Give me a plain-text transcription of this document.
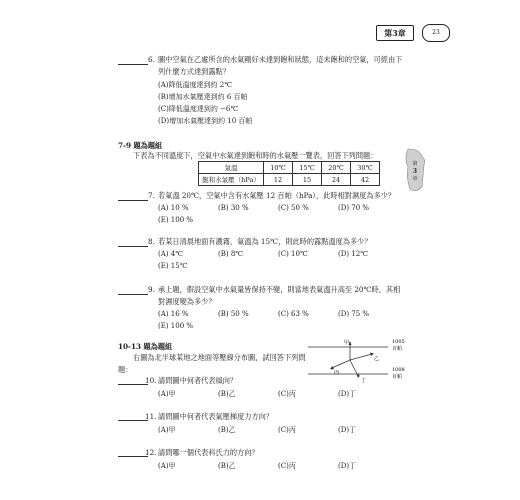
第3章	23
第
3
章
6. 圖中空氣在乙處所含的水氣剛好未達到飽和狀態，這未飽和的空氣，可經由下
列什麼方式達到露點？
(A)降低溫度達到約 2℃
(B)增加水氣壓達到約 6 百帕
(C)降低溫度達到約 −6℃
(D)增加水氣壓達到約 10 百帕
7-9 題為題組
下表為不同溫度下，空氣中水氣達到飽和時的水氣壓一覽表，回答下列問題：
氣溫	10℃	15℃	20℃	30℃
飽和水氣壓（hPa）	12	15	24	42
7. 若氣溫 20℃，空氣中含有水氣壓 12 百帕（hPa），此時相對濕度為多少？
(A) 10 %	(B) 30 %	(C) 50 %	(D) 70 %
(E) 100 %
8. 若某日清晨地面有濃霧，氣溫為 15℃，則此時的露點溫度為多少？
(A) 4℃	(B) 8℃	(C) 10℃	(D) 12℃
(E) 15℃
9. 承上題，假設空氣中水氣量皆保持不變，則當地表氣溫升高至 20℃時，其相
對濕度變為多少？
(A) 16 %	(B) 50 %	(C) 63 %	(D) 75 %
(E) 100 %
10-13 題為題組
右圖為北半球某地之地面等壓線分布圖，試回答下列問
題：
甲
乙
丙
丁
1005
百帕
1008
百帕
10. 請問圖中何者代表風向？
(A)甲	(B)乙	(C)丙	(D)丁
11. 請問圖中何者代表氣壓梯度力方向？
(A)甲	(B)乙	(C)丙	(D)丁
12. 請問哪一個代表科氏力的方向？
(A)甲	(B)乙	(C)丙	(D)丁
